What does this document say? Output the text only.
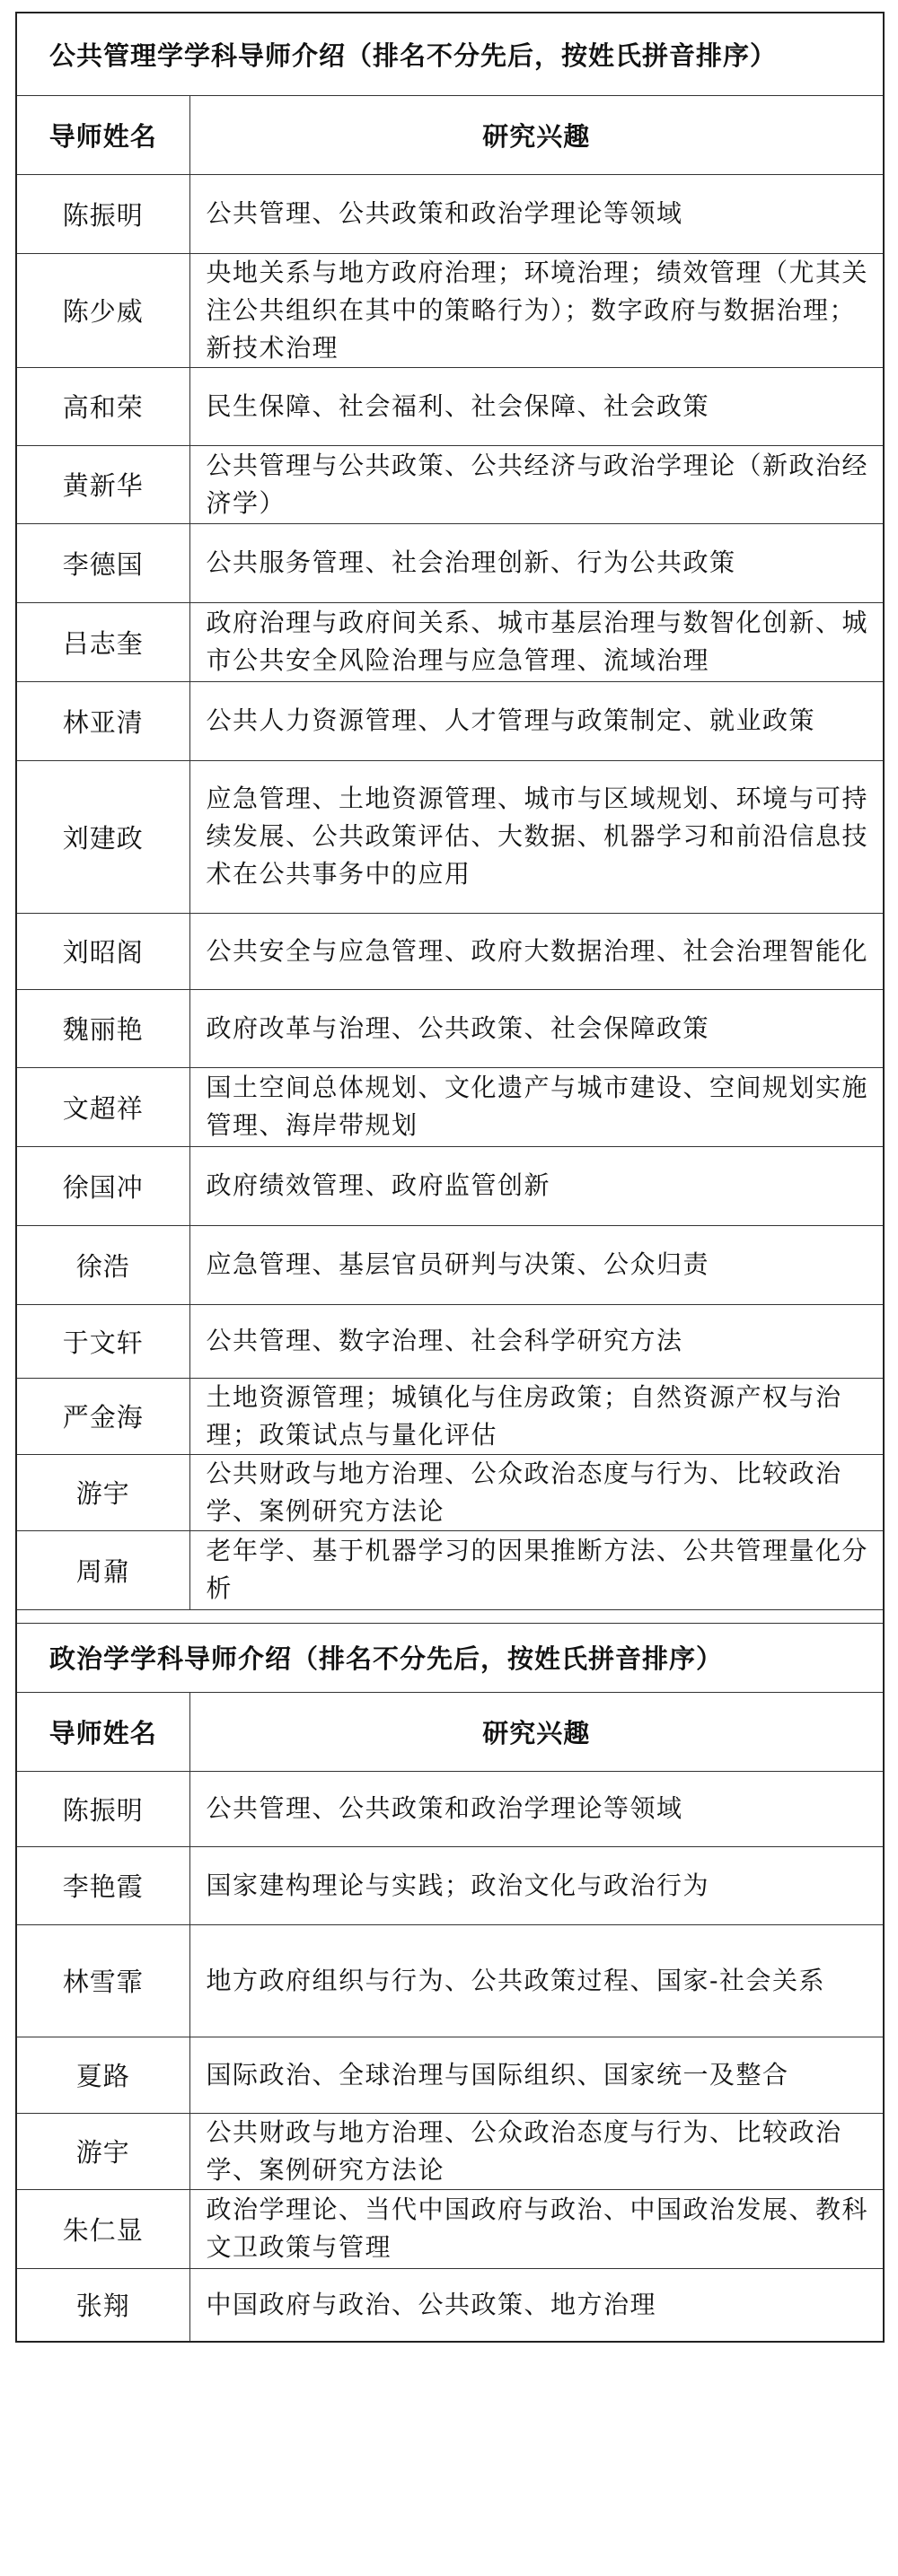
公共管理学学科导师介绍（排名不分先后，按姓氏拼音排序）	
导师姓名	研究兴趣
陈振明	公共管理、公共政策和政治学理论等领域
陈少威	央地关系与地方政府治理；环境治理；绩效管理（尤其关注公共组织在其中的策略行为）；数字政府与数据治理；新技术治理
高和荣	民生保障、社会福利、社会保障、社会政策
黄新华	公共管理与公共政策、公共经济与政治学理论（新政治经济学）
李德国	公共服务管理、社会治理创新、行为公共政策
吕志奎	政府治理与政府间关系、城市基层治理与数智化创新、城市公共安全风险治理与应急管理、流域治理
林亚清	公共人力资源管理、人才管理与政策制定、就业政策
刘建政	应急管理、土地资源管理、城市与区域规划、环境与可持续发展、公共政策评估、大数据、机器学习和前沿信息技术在公共事务中的应用
刘昭阁	公共安全与应急管理、政府大数据治理、社会治理智能化
魏丽艳	政府改革与治理、公共政策、社会保障政策
文超祥	国土空间总体规划、文化遗产与城市建设、空间规划实施管理、海岸带规划
徐国冲	政府绩效管理、政府监管创新
徐浩	应急管理、基层官员研判与决策、公众归责
于文轩	公共管理、数字治理、社会科学研究方法
严金海	土地资源管理；城镇化与住房政策；自然资源产权与治理；政策试点与量化评估
游宇	公共财政与地方治理、公众政治态度与行为、比较政治学、案例研究方法论
周鼐	老年学、基于机器学习的因果推断方法、公共管理量化分析

政治学学科导师介绍（排名不分先后，按姓氏拼音排序）	
导师姓名	研究兴趣
陈振明	公共管理、公共政策和政治学理论等领域
李艳霞	国家建构理论与实践；政治文化与政治行为
林雪霏	地方政府组织与行为、公共政策过程、国家-社会关系
夏路	国际政治、全球治理与国际组织、国家统一及整合
游宇	公共财政与地方治理、公众政治态度与行为、比较政治学、案例研究方法论
朱仁显	政治学理论、当代中国政府与政治、中国政治发展、教科文卫政策与管理
张翔	中国政府与政治、公共政策、地方治理
